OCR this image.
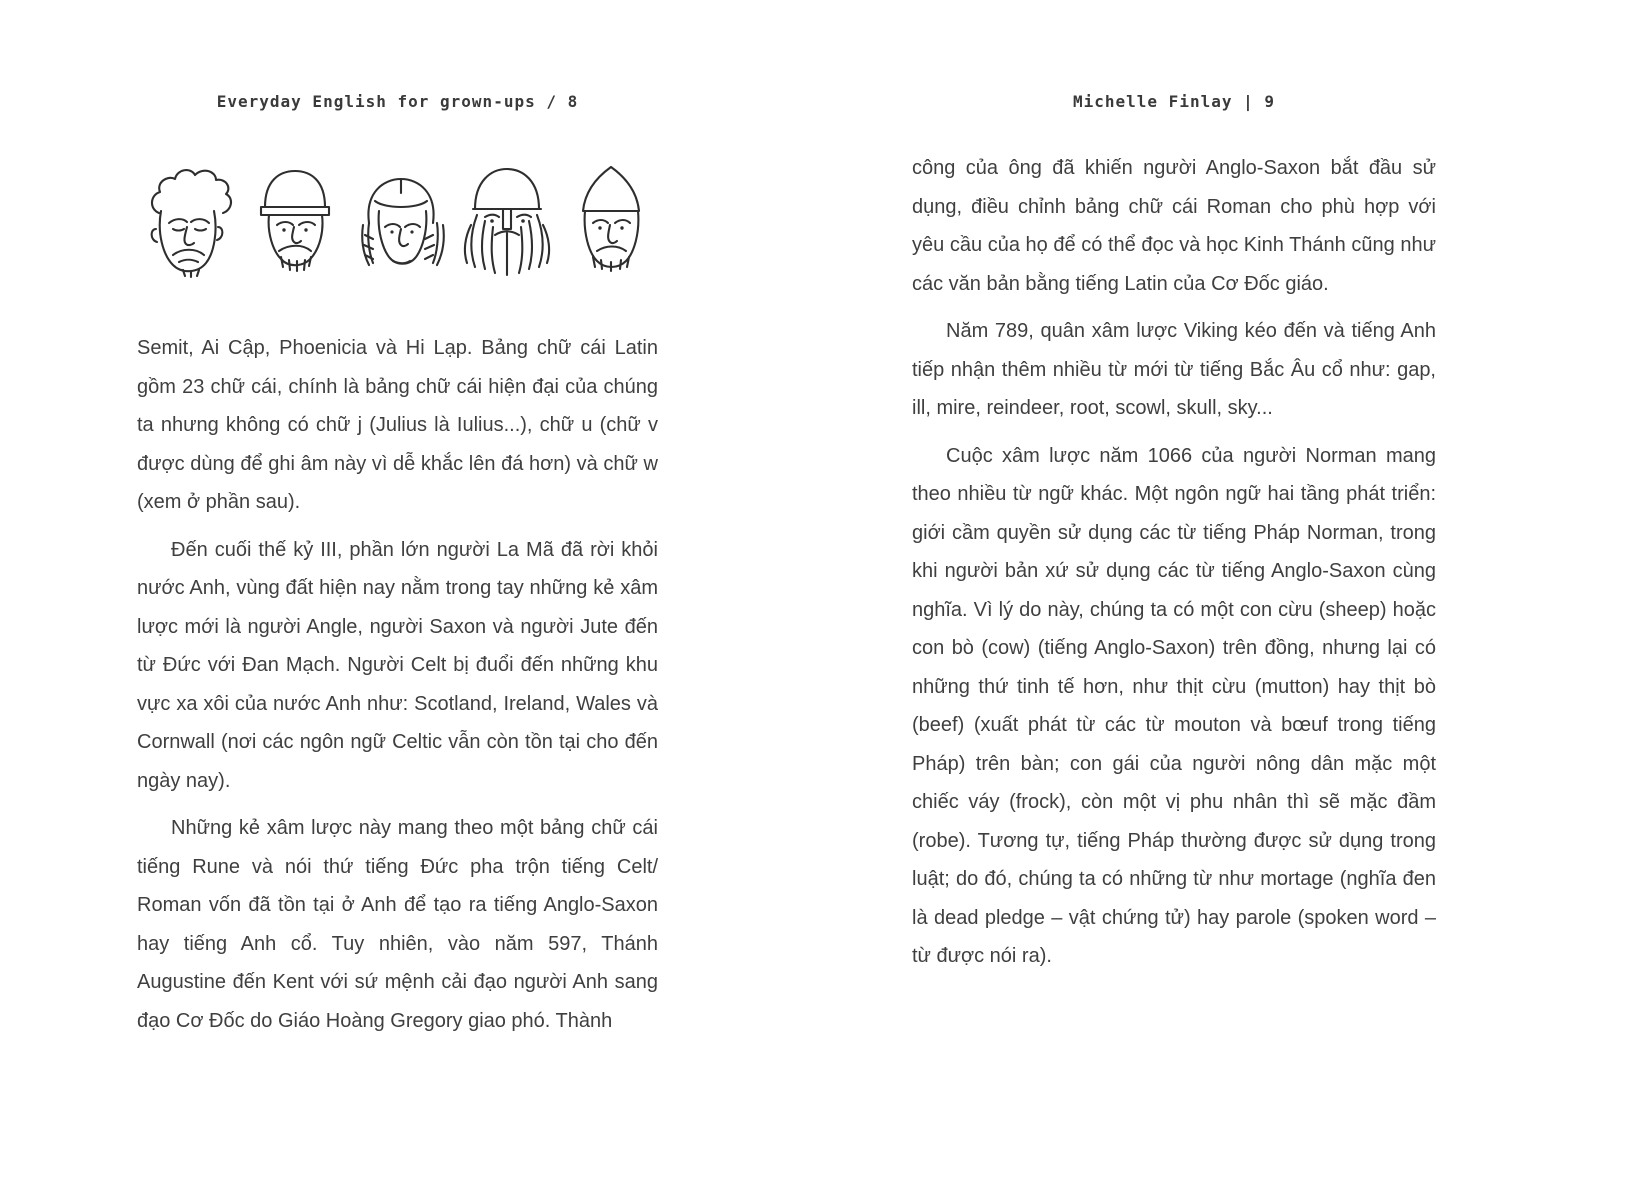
Everyday English for grown-ups / 8

Semit, Ai Cập, Phoenicia và Hi Lạp. Bảng chữ cái Latin gồm 23 chữ cái, chính là bảng chữ cái hiện đại của chúng ta nhưng không có chữ j (Julius là Iulius...), chữ u (chữ v được dùng để ghi âm này vì dễ khắc lên đá hơn) và chữ w (xem ở phần sau).

Đến cuối thế kỷ III, phần lớn người La Mã đã rời khỏi nước Anh, vùng đất hiện nay nằm trong tay những kẻ xâm lược mới là người Angle, người Saxon và người Jute đến từ Đức với Đan Mạch. Người Celt bị đuổi đến những khu vực xa xôi của nước Anh như: Scotland, Ireland, Wales và Cornwall (nơi các ngôn ngữ Celtic vẫn còn tồn tại cho đến ngày nay).

Những kẻ xâm lược này mang theo một bảng chữ cái tiếng Rune và nói thứ tiếng Đức pha trộn tiếng Celt/ Roman vốn đã tồn tại ở Anh để tạo ra tiếng Anglo-Saxon hay tiếng Anh cổ. Tuy nhiên, vào năm 597, Thánh Augustine đến Kent với sứ mệnh cải đạo người Anh sang đạo Cơ Đốc do Giáo Hoàng Gregory giao phó. Thành

Michelle Finlay | 9

công của ông đã khiến người Anglo-Saxon bắt đầu sử dụng, điều chỉnh bảng chữ cái Roman cho phù hợp với yêu cầu của họ để có thể đọc và học Kinh Thánh cũng như các văn bản bằng tiếng Latin của Cơ Đốc giáo.

Năm 789, quân xâm lược Viking kéo đến và tiếng Anh tiếp nhận thêm nhiều từ mới từ tiếng Bắc Âu cổ như: gap, ill, mire, reindeer, root, scowl, skull, sky...

Cuộc xâm lược năm 1066 của người Norman mang theo nhiều từ ngữ khác. Một ngôn ngữ hai tầng phát triển: giới cầm quyền sử dụng các từ tiếng Pháp Norman, trong khi người bản xứ sử dụng các từ tiếng Anglo-Saxon cùng nghĩa. Vì lý do này, chúng ta có một con cừu (sheep) hoặc con bò (cow) (tiếng Anglo-Saxon) trên đồng, nhưng lại có những thứ tinh tế hơn, như thịt cừu (mutton) hay thịt bò (beef) (xuất phát từ các từ mouton và bœuf trong tiếng Pháp) trên bàn; con gái của người nông dân mặc một chiếc váy (frock), còn một vị phu nhân thì sẽ mặc đầm (robe). Tương tự, tiếng Pháp thường được sử dụng trong luật; do đó, chúng ta có những từ như mortage (nghĩa đen là dead pledge – vật chứng tử) hay parole (spoken word – từ được nói ra).
